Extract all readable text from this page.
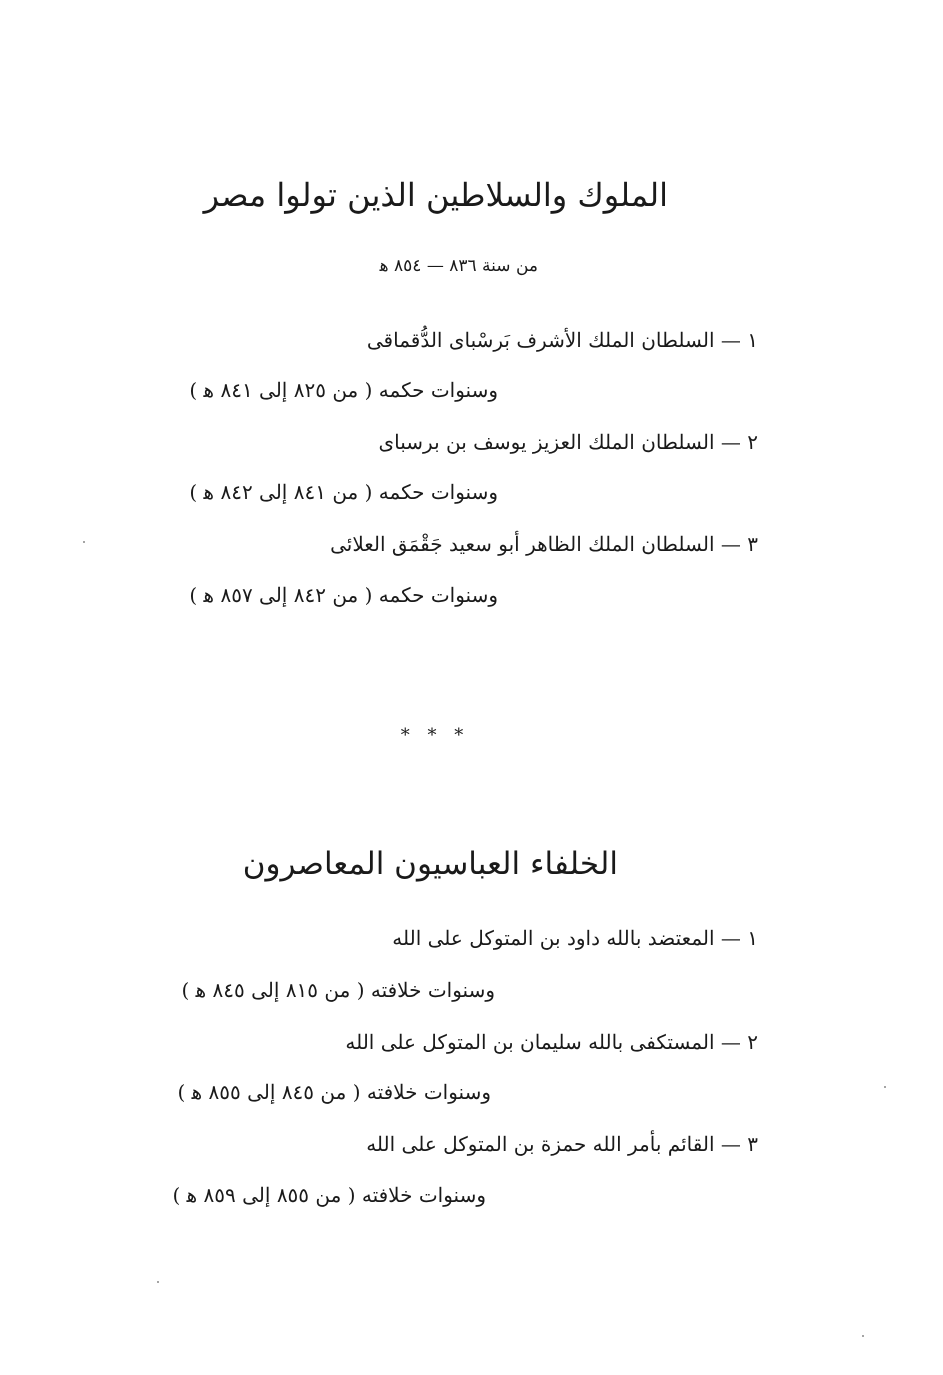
الملوك والسلاطين الذين تولوا مصر
من سنة ٨٣٦ — ٨٥٤ ﻫ
١ — السلطان الملك الأشرف بَرسْباى الدُّقماقى
وسنوات حكمه ( من ٨٢٥ إلى ٨٤١ ﻫ )
٢ — السلطان الملك العزيز يوسف بن برسباى
وسنوات حكمه ( من ٨٤١ إلى ٨٤٢ ﻫ )
٣ — السلطان الملك الظاهر أبو سعيد جَقْمَق العلائى
وسنوات حكمه ( من ٨٤٢ إلى ٨٥٧ ﻫ )
* * *
الخلفاء العباسيون المعاصرون
١ — المعتضد بالله داود بن المتوكل على الله
وسنوات خلافته ( من ٨١٥ إلى ٨٤٥ ﻫ )
٢ — المستكفى بالله سليمان بن المتوكل على الله
وسنوات خلافته ( من ٨٤٥ إلى ٨٥٥ ﻫ )
٣ — القائم بأمر الله حمزة بن المتوكل على الله
وسنوات خلافته ( من ٨٥٥ إلى ٨٥٩ ﻫ )
